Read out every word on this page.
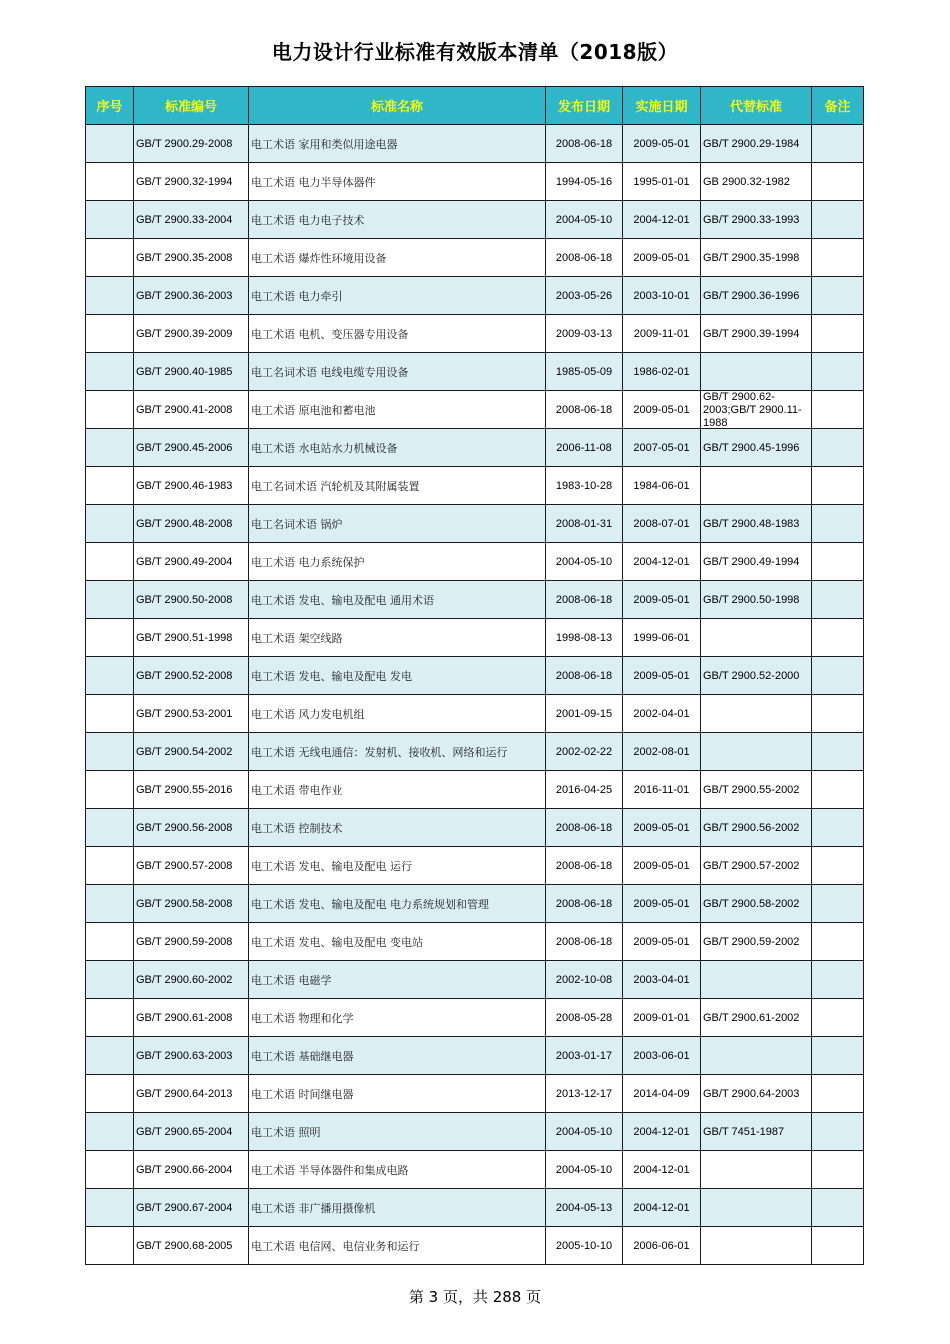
电力设计行业标准有效版本清单（2018版）
序号	标准编号	标准名称	发布日期	实施日期	代替标准	备注
	GB/T 2900.29-2008	电工术语 家用和类似用途电器	2008-06-18	2009-05-01	GB/T 2900.29-1984	
	GB/T 2900.32-1994	电工术语 电力半导体器件	1994-05-16	1995-01-01	GB 2900.32-1982	
	GB/T 2900.33-2004	电工术语 电力电子技术	2004-05-10	2004-12-01	GB/T 2900.33-1993	
	GB/T 2900.35-2008	电工术语 爆炸性环境用设备	2008-06-18	2009-05-01	GB/T 2900.35-1998	
	GB/T 2900.36-2003	电工术语 电力牵引	2003-05-26	2003-10-01	GB/T 2900.36-1996	
	GB/T 2900.39-2009	电工术语 电机、变压器专用设备	2009-03-13	2009-11-01	GB/T 2900.39-1994	
	GB/T 2900.40-1985	电工名词术语 电线电缆专用设备	1985-05-09	1986-02-01		
	GB/T 2900.41-2008	电工术语 原电池和蓄电池	2008-06-18	2009-05-01	GB/T 2900.62-2003;GB/T 2900.11-1988	

	GB/T 2900.45-2006	电工术语 水电站水力机械设备	2006-11-08	2007-05-01	GB/T 2900.45-1996	
	GB/T 2900.46-1983	电工名词术语 汽轮机及其附属装置	1983-10-28	1984-06-01		
	GB/T 2900.48-2008	电工名词术语 锅炉	2008-01-31	2008-07-01	GB/T 2900.48-1983	
	GB/T 2900.49-2004	电工术语 电力系统保护	2004-05-10	2004-12-01	GB/T 2900.49-1994	
	GB/T 2900.50-2008	电工术语 发电、输电及配电 通用术语	2008-06-18	2009-05-01	GB/T 2900.50-1998	
	GB/T 2900.51-1998	电工术语 架空线路	1998-08-13	1999-06-01		
	GB/T 2900.52-2008	电工术语 发电、输电及配电 发电	2008-06-18	2009-05-01	GB/T 2900.52-2000	
	GB/T 2900.53-2001	电工术语 风力发电机组	2001-09-15	2002-04-01		
	GB/T 2900.54-2002	电工术语 无线电通信：发射机、接收机、网络和运行	2002-02-22	2002-08-01		
	GB/T 2900.55-2016	电工术语 带电作业	2016-04-25	2016-11-01	GB/T 2900.55-2002	
	GB/T 2900.56-2008	电工术语 控制技术	2008-06-18	2009-05-01	GB/T 2900.56-2002	
	GB/T 2900.57-2008	电工术语 发电、输电及配电 运行	2008-06-18	2009-05-01	GB/T 2900.57-2002	
	GB/T 2900.58-2008	电工术语 发电、输电及配电 电力系统规划和管理	2008-06-18	2009-05-01	GB/T 2900.58-2002	
	GB/T 2900.59-2008	电工术语 发电、输电及配电 变电站	2008-06-18	2009-05-01	GB/T 2900.59-2002	
	GB/T 2900.60-2002	电工术语 电磁学	2002-10-08	2003-04-01		
	GB/T 2900.61-2008	电工术语 物理和化学	2008-05-28	2009-01-01	GB/T 2900.61-2002	
	GB/T 2900.63-2003	电工术语 基础继电器	2003-01-17	2003-06-01		
	GB/T 2900.64-2013	电工术语 时间继电器	2013-12-17	2014-04-09	GB/T 2900.64-2003	
	GB/T 2900.65-2004	电工术语 照明	2004-05-10	2004-12-01	GB/T 7451-1987	
	GB/T 2900.66-2004	电工术语 半导体器件和集成电路	2004-05-10	2004-12-01		
	GB/T 2900.67-2004	电工术语 非广播用摄像机	2004-05-13	2004-12-01		
	GB/T 2900.68-2005	电工术语 电信网、电信业务和运行	2005-10-10	2006-06-01		
第 3 页，共 288 页
